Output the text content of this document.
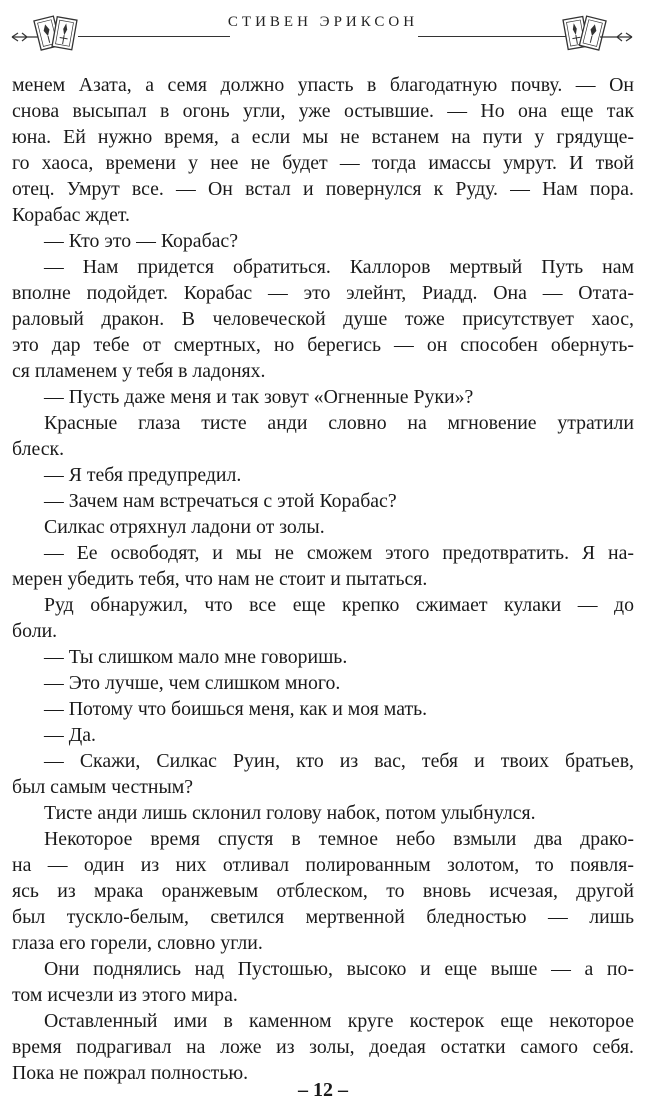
СТИВЕН ЭРИКСОН
менем Азата, а семя должно упасть в благодатную почву. — Он
снова высыпал в огонь угли, уже остывшие. — Но она еще так
юна. Ей нужно время, а если мы не встанем на пути у грядуще-
го хаоса, времени у нее не будет — тогда имассы умрут. И твой
отец. Умрут все. — Он встал и повернулся к Руду. — Нам пора.
Корабас ждет.
— Кто это — Корабас?
— Нам придется обратиться. Каллоров мертвый Путь нам
вполне подойдет. Корабас — это элейнт, Риадд. Она — Отата-
раловый дракон. В человеческой душе тоже присутствует хаос,
это дар тебе от смертных, но берегись — он способен обернуть-
ся пламенем у тебя в ладонях.
— Пусть даже меня и так зовут «Огненные Руки»?
Красные глаза тисте анди словно на мгновение утратили
блеск.
— Я тебя предупредил.
— Зачем нам встречаться с этой Корабас?
Силкас отряхнул ладони от золы.
— Ее освободят, и мы не сможем этого предотвратить. Я на-
мерен убедить тебя, что нам не стоит и пытаться.
Руд обнаружил, что все еще крепко сжимает кулаки — до
боли.
— Ты слишком мало мне говоришь.
— Это лучше, чем слишком много.
— Потому что боишься меня, как и моя мать.
— Да.
— Скажи, Силкас Руин, кто из вас, тебя и твоих братьев,
был самым честным?
Тисте анди лишь склонил голову набок, потом улыбнулся.
Некоторое время спустя в темное небо взмыли два драко-
на — один из них отливал полированным золотом, то появля-
ясь из мрака оранжевым отблеском, то вновь исчезая, другой
был тускло-белым, светился мертвенной бледностью — лишь
глаза его горели, словно угли.
Они поднялись над Пустошью, высоко и еще выше — а по-
том исчезли из этого мира.
Оставленный ими в каменном круге костерок еще некоторое
время подрагивал на ложе из золы, доедая остатки самого себя.
Пока не пожрал полностью.
– 12 –
